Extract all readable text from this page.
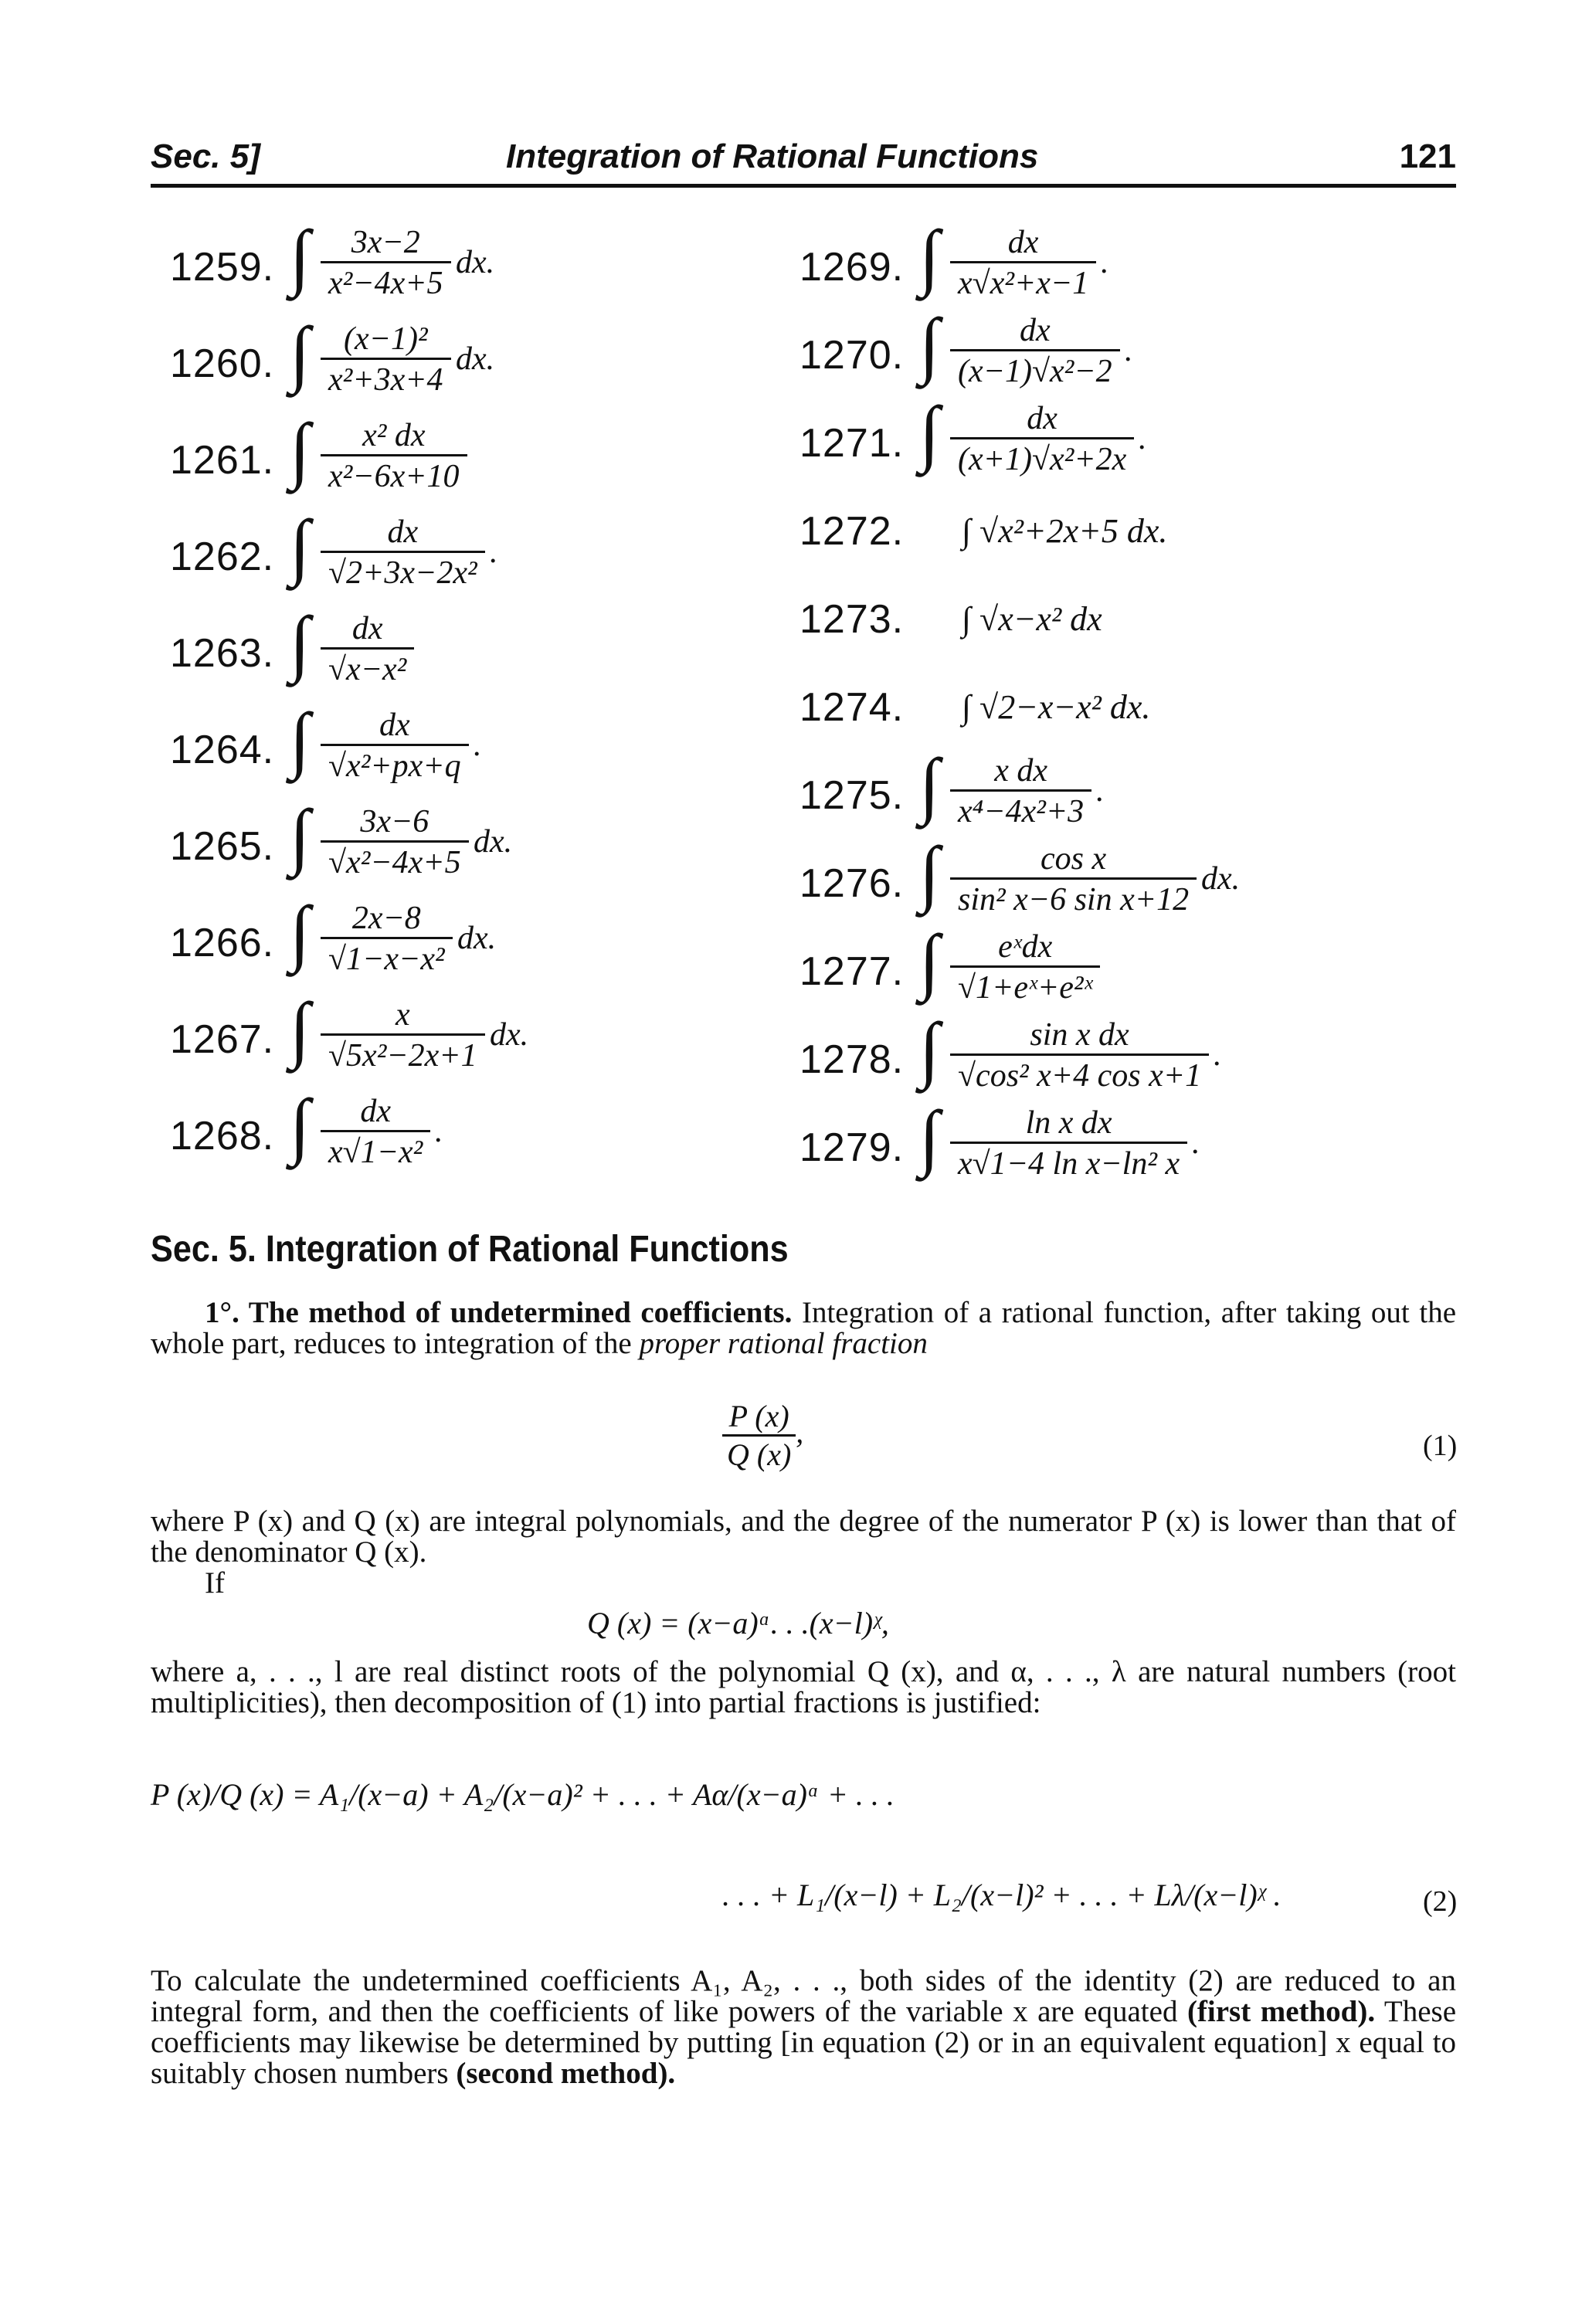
Sec. 5]	Integration of Rational Functions	121
1259. ∫ $\frac{3x-2}{\text{x²−4x+5}}$ dx.
1260. ∫ $\frac{\text{(x−1)²}}{\text{x²+3x+4}}$ dx.
1261. ∫ $\frac{\text{x² dx}}{\text{x²−6x+10}}$
1262. ∫ $\frac{dx}{\text{√2+3x−2x²}}$ .
1263. ∫ $\frac{dx}{\text{√x−x²}}$
1264. ∫ $\frac{dx}{\text{√x²+px+q}}$ .
1265. ∫ $\frac{3x-6}{\text{√x²−4x+5}}$ dx.
1266. ∫ $\frac{2x-8}{\text{√1−x−x²}}$ dx.
1267. ∫ $\frac{x}{\text{√5x²−2x+1}}$ dx.
1268. ∫ $\frac{dx}{\text{x√1−x²}}$ .
1269. ∫ $\frac{dx}{\text{x√x²+x−1}}$ .
1270. ∫ $\frac{dx}{\text{(x−1)√x²−2}}$ .
1271. ∫ $\frac{dx}{\text{(x+1)√x²+2x}}$ .
1272. ∫ √x²+2x+5 dx.
1273. ∫ √x−x² dx
1274. ∫ √2−x−x² dx.
1275. ∫ $\frac{\text{x dx}}{\text{x⁴−4x²+3}}$ .
1276. ∫ $\frac{\text{cos x}}{\text{sin² x−6 sin x+12}}$ dx.
1277. ∫	eˣdx
√1+eˣ+e²ˣ
1278. ∫ $\frac{\text{sin x dx}}{\text{√cos² x+4 cos x+1}}$ .
1279. ∫ $\frac{\text{ln x dx}}{\text{x√1−4 ln x−ln² x}}$ .
Sec. 5. Integration of Rational Functions
1°. The method of undetermined coefficients. Integration of a rational function, after taking out the whole part, reduces to integration of the proper rational fraction
$\frac{P (x)}{Q (x)}$ ,	(1)
where P (x) and Q (x) are integral polynomials, and the degree of the numerator P (x) is lower than that of the denominator Q (x).
If
Q (x) = (x−a)ᵅ. . .(x−l)ᵡ,
where a, . . ., l are real distinct roots of the polynomial Q (x), and α, . . ., λ are natural numbers (root multiplicities), then decomposition of (1) into partial fractions is justified:
P (x)/Q (x) = A₁/(x−a) + A₂/(x−a)² + . . . + Aα/(x−a)ᵅ + . . .
. . . + L₁/(x−l) + L₂/(x−l)² + . . . + Lλ/(x−l)ᵡ .	(2)
To calculate the undetermined coefficients A₁, A₂, . . ., both sides of the identity (2) are reduced to an integral form, and then the coefficients of like powers of the variable x are equated (first method). These coefficients may likewise be determined by putting [in equation (2) or in an equivalent equation] x equal to suitably chosen numbers (second method).
